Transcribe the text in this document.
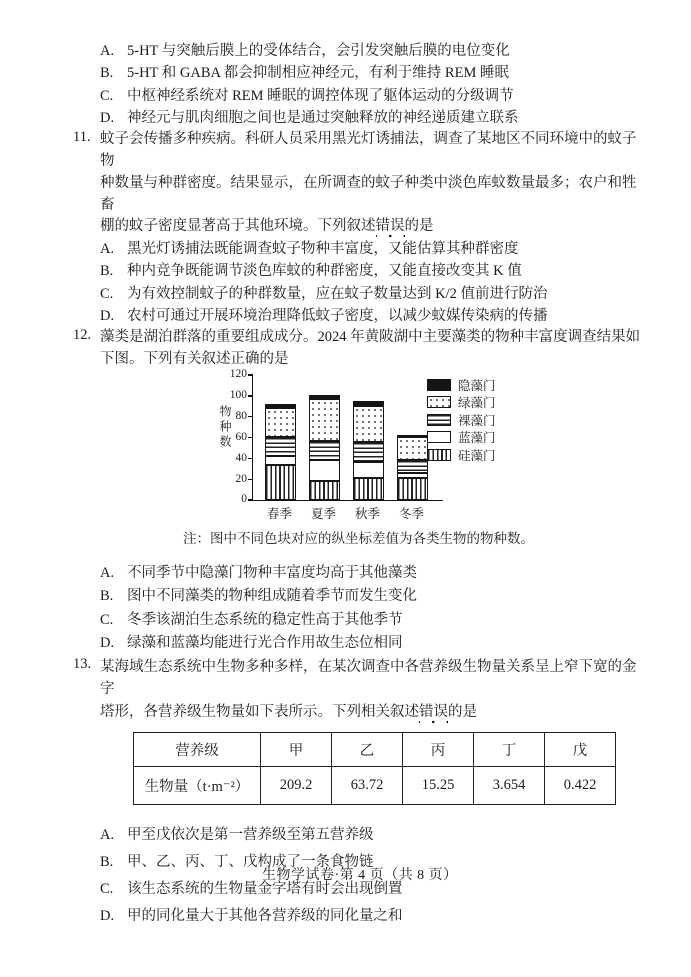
A. 5-HT 与突触后膜上的受体结合，会引发突触后膜的电位变化
B. 5-HT 和 GABA 都会抑制相应神经元，有利于维持 REM 睡眠
C. 中枢神经系统对 REM 睡眠的调控体现了躯体运动的分级调节
D. 神经元与肌肉细胞之间也是通过突触释放的神经递质建立联系
11. 蚊子会传播多种疾病。科研人员采用黑光灯诱捕法，调查了某地区不同环境中的蚊子物
种数量与种群密度。结果显示，在所调查的蚊子种类中淡色库蚊数量最多；农户和牲畜
棚的蚊子密度显著高于其他环境。下列叙述错误的是
A. 黑光灯诱捕法既能调查蚊子物种丰富度，又能估算其种群密度
B. 种内竞争既能调节淡色库蚊的种群密度，又能直接改变其 K 值
C. 为有效控制蚊子的种群数量，应在蚊子数量达到 K/2 值前进行防治
D. 农村可通过开展环境治理降低蚊子密度，以减少蚊媒传染病的传播
12. 藻类是湖泊群落的重要组成成分。2024 年黄陂湖中主要藻类的物种丰富度调查结果如
下图。下列有关叙述正确的是
物种数
0
20
40
60
80
100
120
春季 夏季 秋季 冬季
隐藻门
绿藻门
裸藻门
蓝藻门
硅藻门
注：图中不同色块对应的纵坐标差值为各类生物的物种数。
A. 不同季节中隐藻门物种丰富度均高于其他藻类
B. 图中不同藻类的物种组成随着季节而发生变化
C. 冬季该湖泊生态系统的稳定性高于其他季节
D. 绿藻和蓝藻均能进行光合作用故生态位相同
13. 某海域生态系统中生物多种多样，在某次调查中各营养级生物量关系呈上窄下宽的金字
塔形，各营养级生物量如下表所示。下列相关叙述错误的是
营养级	甲	乙	丙	丁	戊
生物量（t·m⁻²）	209.2	63.72	15.25	3.654	0.422
A. 甲至戊依次是第一营养级至第五营养级
B. 甲、乙、丙、丁、戊构成了一条食物链
C. 该生态系统的生物量金字塔有时会出现倒置
D. 甲的同化量大于其他各营养级的同化量之和
生物学试卷·第 4 页（共 8 页）
